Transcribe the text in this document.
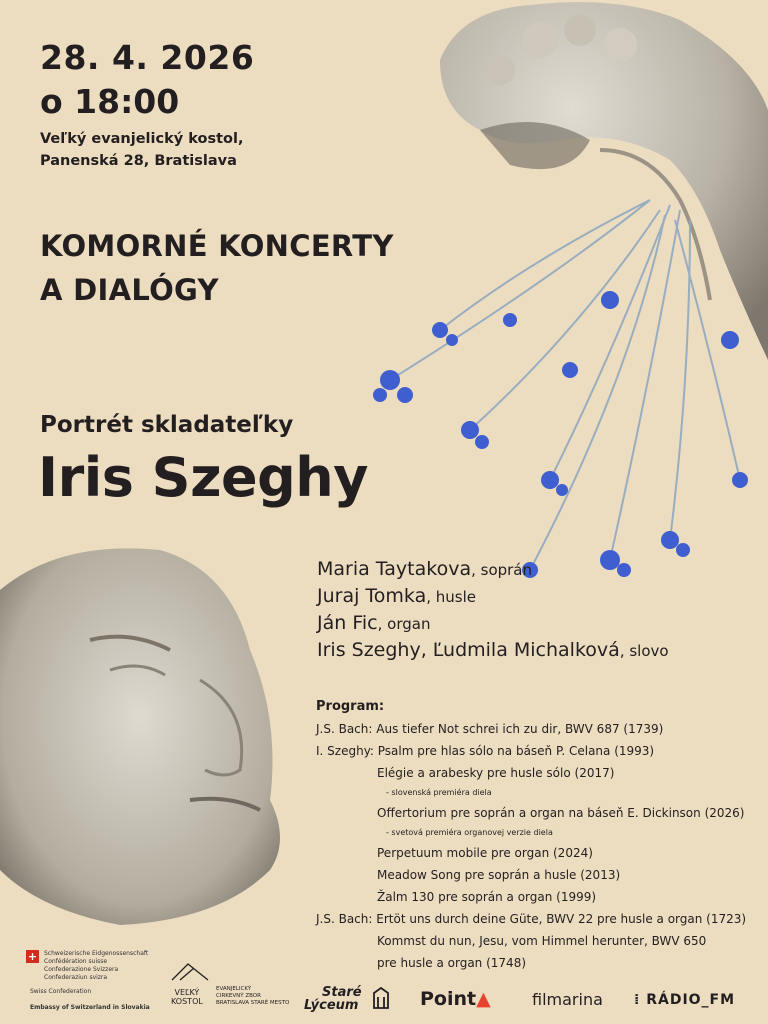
28. 4. 2026
o 18:00
Veľký evanjelický kostol,
Panenská 28, Bratislava
KOMORNÉ KONCERTY
A DIALÓGY
Portrét skladateľky
Iris Szeghy
Maria Taytakova, soprán
Juraj Tomka, husle
Ján Fic, organ
Iris Szeghy, Ľudmila Michalková, slovo
Program:
J.S. Bach: Aus tiefer Not schrei ich zu dir, BWV 687 (1739)
I. Szeghy: Psalm pre hlas sólo na báseň P. Celana (1993)
Elégie a arabesky pre husle sólo (2017)
- slovenská premiéra diela
Offertorium pre soprán a organ na báseň E. Dickinson (2026)
- svetová premiéra organovej verzie diela
Perpetuum mobile pre organ (2024)
Meadow Song pre soprán a husle (2013)
Žalm 130 pre soprán a organ (1999)
J.S. Bach: Ertöt uns durch deine Güte, BWV 22 pre husle a organ (1723)
Kommst du nun, Jesu, vom Himmel herunter, BWV 650
pre husle a organ (1748)
+	Schweizerische Eidgenossenschaft
Confédération suisse
Confederazione Svizzera
Confederaziun svizra
Swiss Confederation
Embassy of Switzerland in Slovakia
VEĽKÝ
KOSTOL
EVANJELICKÝ
CIRKEVNÝ ZBOR
BRATISLAVA STARÉ MESTO
Staré
Lýceum	Point▲	filmarina ⁞ RÁDIO_FM
